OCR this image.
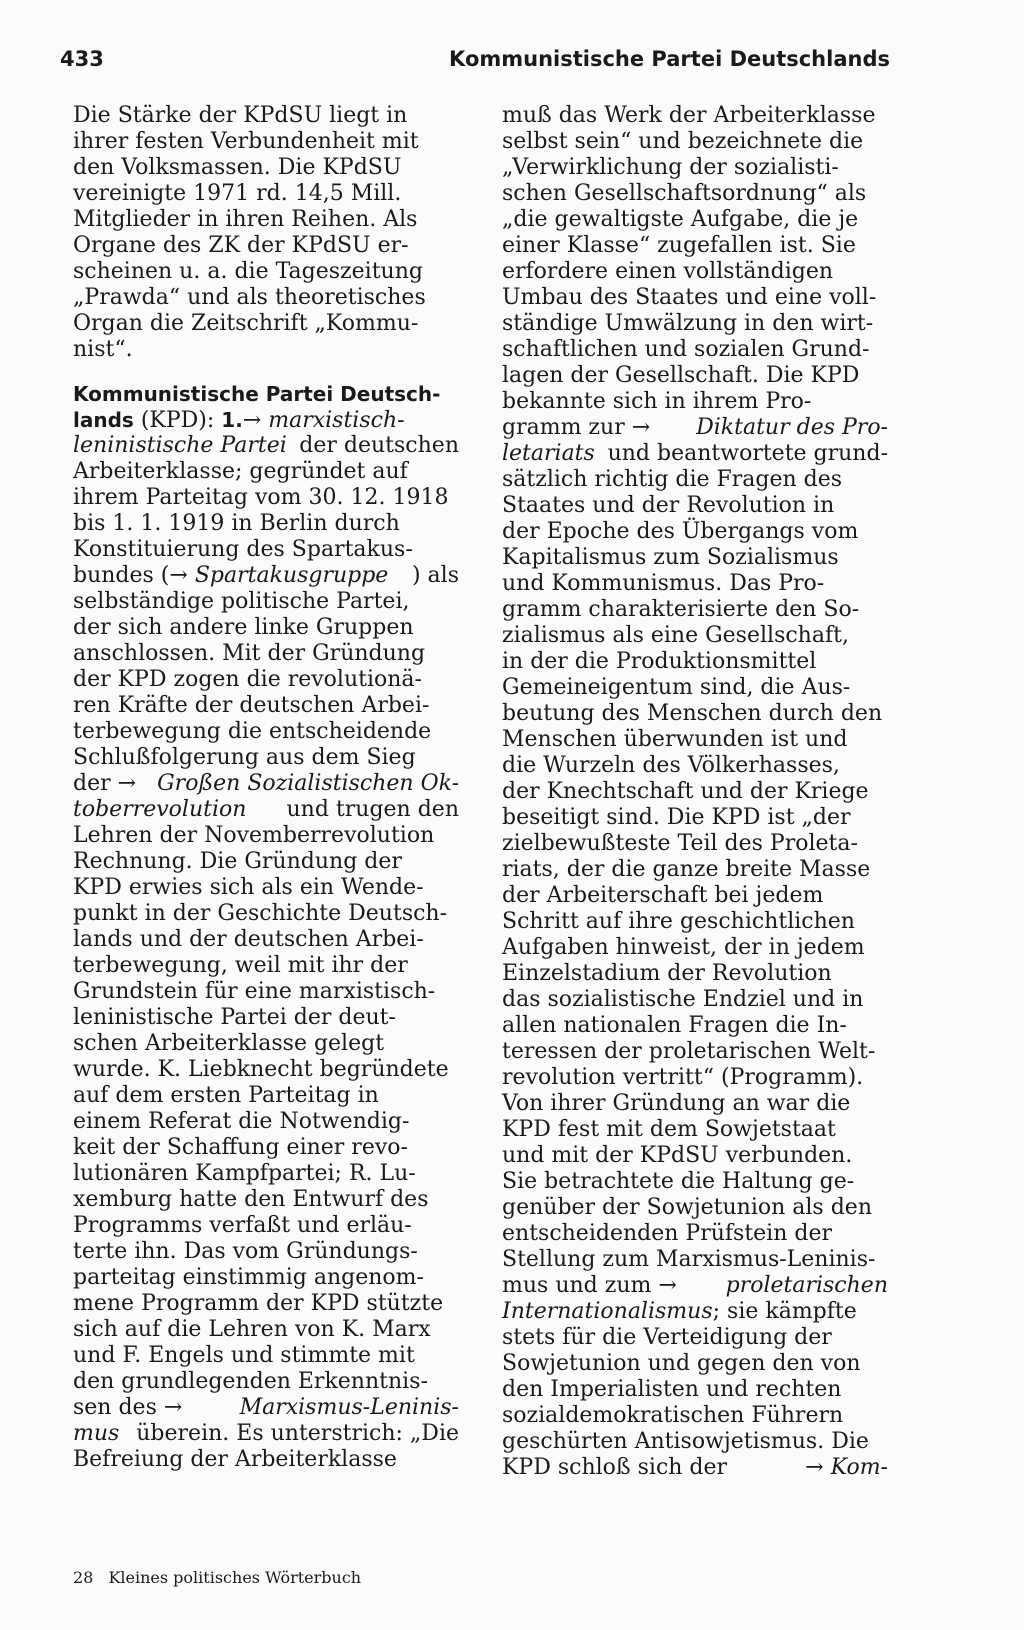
433	Kommunistische Partei Deutschlands
Die Stärke der KPdSU liegt in
ihrer festen Verbundenheit mit
den Volksmassen. Die KPdSU
vereinigte 1971 rd. 14,5 Mill.
Mitglieder in ihren Reihen. Als
Organe des ZK der KPdSU er-
scheinen u. a. die Tageszeitung
„Prawda“ und als theoretisches
Organ die Zeitschrift „Kommu-
nist“.
Kommunistische Partei Deutsch-
lands (KPD): 1.→ marxistisch-
leninistische Partei der deutschen
Arbeiterklasse; gegründet auf
ihrem Parteitag vom 30. 12. 1918
bis 1. 1. 1919 in Berlin durch
Konstituierung des Spartakus-
bundes (→ Spartakusgruppe ) als
selbständige politische Partei,
der sich andere linke Gruppen
anschlossen. Mit der Gründung
der KPD zogen die revolutionä-
ren Kräfte der deutschen Arbei-
terbewegung die entscheidende
Schlußfolgerung aus dem Sieg
der → Großen Sozialistischen Ok-
toberrevolution und trugen den
Lehren der Novemberrevolution
Rechnung. Die Gründung der
KPD erwies sich als ein Wende-
punkt in der Geschichte Deutsch-
lands und der deutschen Arbei-
terbewegung, weil mit ihr der
Grundstein für eine marxistisch-
leninistische Partei der deut-
schen Arbeiterklasse gelegt
wurde. K. Liebknecht begründete
auf dem ersten Parteitag in
einem Referat die Notwendig-
keit der Schaffung einer revo-
lutionären Kampfpartei; R. Lu-
xemburg hatte den Entwurf des
Programms verfaßt und erläu-
terte ihn. Das vom Gründungs-
parteitag einstimmig angenom-
mene Programm der KPD stützte
sich auf die Lehren von K. Marx
und F. Engels und stimmte mit
den grundlegenden Erkenntnis-
sen des →	Marxismus-Leninis-
mus überein. Es unterstrich: „Die
Befreiung der Arbeiterklasse
muß das Werk der Arbeiterklasse
selbst sein“ und bezeichnete die
„Verwirklichung der sozialisti-
schen Gesellschaftsordnung“ als
„die gewaltigste Aufgabe, die je
einer Klasse“ zugefallen ist. Sie
erfordere einen vollständigen
Umbau des Staates und eine voll-
ständige Umwälzung in den wirt-
schaftlichen und sozialen Grund-
lagen der Gesellschaft. Die KPD
bekannte sich in ihrem Pro-
gramm zur → Diktatur des Pro-
letariats und beantwortete grund-
sätzlich richtig die Fragen des
Staates und der Revolution in
der Epoche des Übergangs vom
Kapitalismus zum Sozialismus
und Kommunismus. Das Pro-
gramm charakterisierte den So-
zialismus als eine Gesellschaft,
in der die Produktionsmittel
Gemeineigentum sind, die Aus-
beutung des Menschen durch den
Menschen überwunden ist und
die Wurzeln des Völkerhasses,
der Knechtschaft und der Kriege
beseitigt sind. Die KPD ist „der
zielbewußteste Teil des Proleta-
riats, der die ganze breite Masse
der Arbeiterschaft bei jedem
Schritt auf ihre geschichtlichen
Aufgaben hinweist, der in jedem
Einzelstadium der Revolution
das sozialistische Endziel und in
allen nationalen Fragen die In-
teressen der proletarischen Welt-
revolution vertritt“ (Programm).
Von ihrer Gründung an war die
KPD fest mit dem Sowjetstaat
und mit der KPdSU verbunden.
Sie betrachtete die Haltung ge-
genüber der Sowjetunion als den
entscheidenden Prüfstein der
Stellung zum Marxismus-Leninis-
mus und zum → proletarischen
Internationalismus; sie kämpfte
stets für die Verteidigung der
Sowjetunion und gegen den von
den Imperialisten und rechten
sozialdemokratischen Führern
geschürten Antisowjetismus. Die
KPD schloß sich der	→ Kom-
28 Kleines politisches Wörterbuch
